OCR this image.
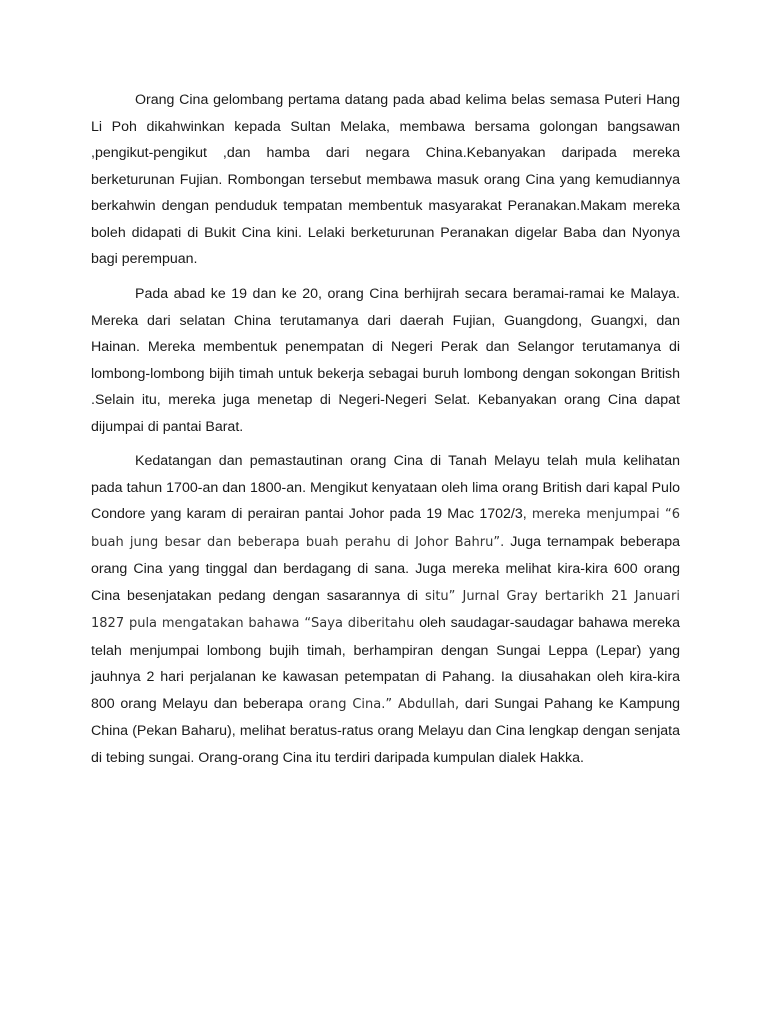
Orang Cina gelombang pertama datang pada abad kelima belas semasa Puteri Hang Li Poh dikahwinkan kepada Sultan Melaka, membawa bersama golongan bangsawan ,pengikut-pengikut ,dan hamba dari negara China.Kebanyakan daripada mereka berketurunan Fujian. Rombongan tersebut membawa masuk orang Cina yang kemudiannya berkahwin dengan penduduk tempatan membentuk masyarakat Peranakan.Makam mereka boleh didapati di Bukit Cina kini. Lelaki berketurunan Peranakan digelar Baba dan Nyonya bagi perempuan.

Pada abad ke 19 dan ke 20, orang Cina berhijrah secara beramai-ramai ke Malaya. Mereka dari selatan China terutamanya dari daerah Fujian, Guangdong, Guangxi, dan Hainan. Mereka membentuk penempatan di Negeri Perak dan Selangor terutamanya di lombong-lombong bijih timah untuk bekerja sebagai buruh lombong dengan sokongan British .Selain itu, mereka juga menetap di Negeri-Negeri Selat. Kebanyakan orang Cina dapat dijumpai di pantai Barat.

Kedatangan dan pemastautinan orang Cina di Tanah Melayu telah mula kelihatan pada tahun 1700-an dan 1800-an. Mengikut kenyataan oleh lima orang British dari kapal Pulo Condore yang karam di perairan pantai Johor pada 19 Mac 1702/3, mereka menjumpai “6 buah jung besar dan beberapa buah perahu di Johor Bahru”. Juga ternampak beberapa orang Cina yang tinggal dan berdagang di sana. Juga mereka melihat kira-kira 600 orang Cina besenjatakan pedang dengan sasarannya di situ” Jurnal Gray bertarikh 21 Januari 1827 pula mengatakan bahawa “Saya diberitahu oleh saudagar-saudagar bahawa mereka telah menjumpai lombong bujih timah, berhampiran dengan Sungai Leppa (Lepar) yang jauhnya 2 hari perjalanan ke kawasan petempatan di Pahang. Ia diusahakan oleh kira-kira 800 orang Melayu dan beberapa orang Cina.” Abdullah, dari Sungai Pahang ke Kampung China (Pekan Baharu), melihat beratus-ratus orang Melayu dan Cina lengkap dengan senjata di tebing sungai. Orang-orang Cina itu terdiri daripada kumpulan dialek Hakka.
